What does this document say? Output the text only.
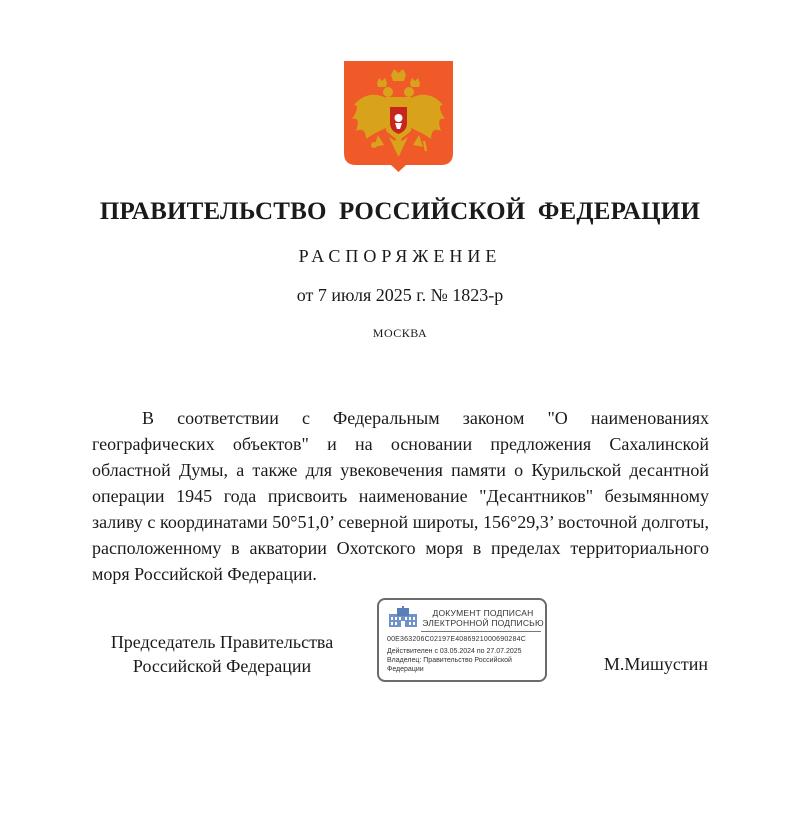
ПРАВИТЕЛЬСТВО РОССИЙСКОЙ ФЕДЕРАЦИИ
РАСПОРЯЖЕНИЕ
от 7 июля 2025 г. № 1823-р
МОСКВА

В соответствии с Федеральным законом "О наименованиях географических объектов" и на основании предложения Сахалинской областной Думы, а также для увековечения памяти о Курильской десантной операции 1945 года присвоить наименование "Десантников" безымянному заливу с координатами 50°51,0’ северной широты, 156°29,3’ восточной долготы, расположенному в акватории Охотского моря в пределах территориального моря Российской Федерации.

Председатель Правительства Российской Федерации
ДОКУМЕНТ ПОДПИСАН ЭЛЕКТРОННОЙ ПОДПИСЬЮ
00E363206C02197E4086921000690284C
Действителен с 03.05.2024 по 27.07.2025
Владелец: Правительство Российской Федерации	М.Мишустин
